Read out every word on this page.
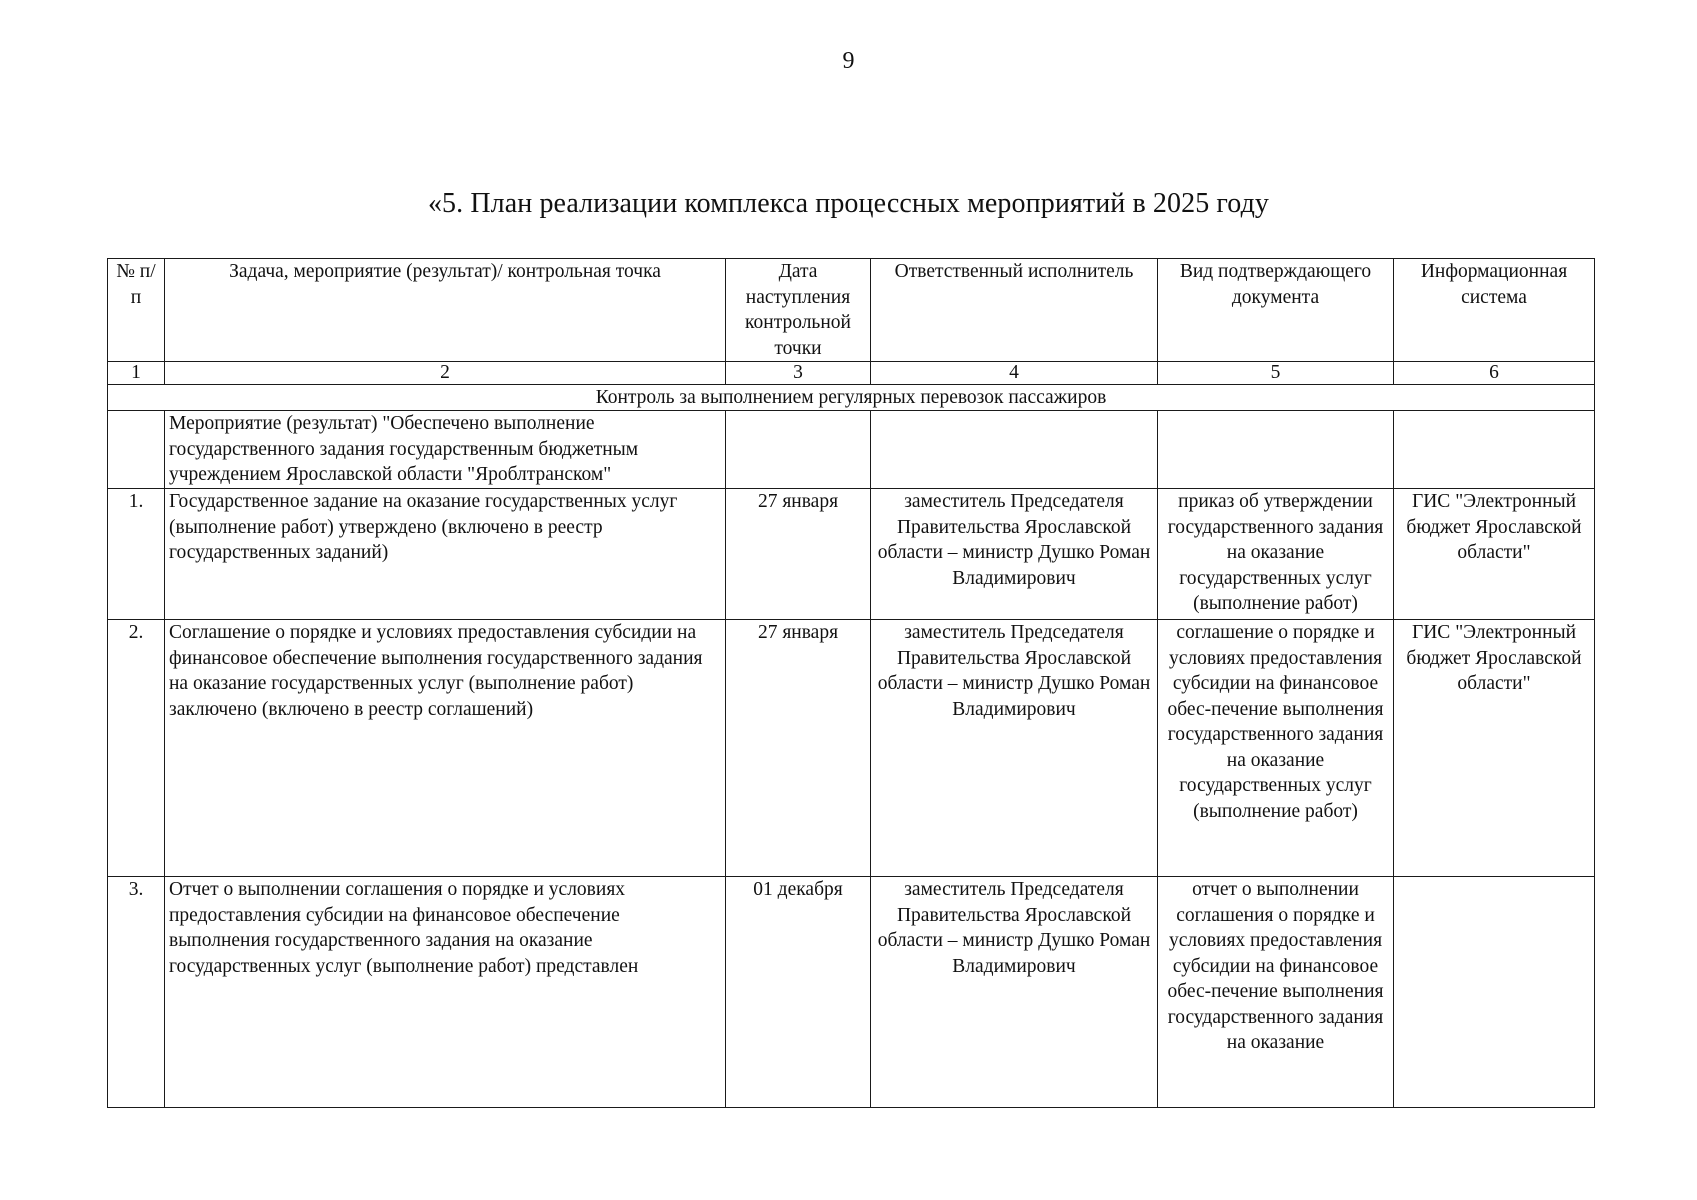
9
«5. План реализации комплекса процессных мероприятий в 2025 году
№ п/п	Задача, мероприятие (результат)/ контрольная точка	Дата наступления контрольной точки	Ответственный исполнитель	Вид подтверждающего документа	Информационная система
1	2	3	4	5	6
Контроль за выполнением регулярных перевозок пассажиров					
	Мероприятие (результат) "Обеспечено выполнение государственного задания государственным бюджетным учреждением Ярославской области "Яроблтранском"				
1.	Государственное задание на оказание государственных услуг (выполнение работ) утверждено (включено в реестр государственных заданий)	27 января	заместитель Председателя Правительства Ярославской области – министр Душко Роман Владимирович	приказ об утверждении государственного задания на оказание государственных услуг (выполнение работ)	ГИС "Электронный бюджет Ярославской области"
2.	Соглашение о порядке и условиях предоставления субсидии на финансовое обеспечение выполнения государственного задания на оказание государственных услуг (выполнение работ) заключено (включено в реестр соглашений)	27 января	заместитель Председателя Правительства Ярославской области – министр Душко Роман Владимирович	соглашение о порядке и условиях предоставления субсидии на финансовое обес-печение выполнения государственного задания на оказание государственных услуг (выполнение работ)	ГИС "Электронный бюджет Ярославской области"
3.	Отчет о выполнении соглашения о порядке и условиях предоставления субсидии на финансовое обеспечение выполнения государственного задания на оказание государственных услуг (выполнение работ) представлен	01 декабря	заместитель Председателя Правительства Ярославской области – министр Душко Роман Владимирович	отчет о выполнении соглашения о порядке и условиях предоставления субсидии на финансовое обес-печение выполнения государственного задания на оказание	
